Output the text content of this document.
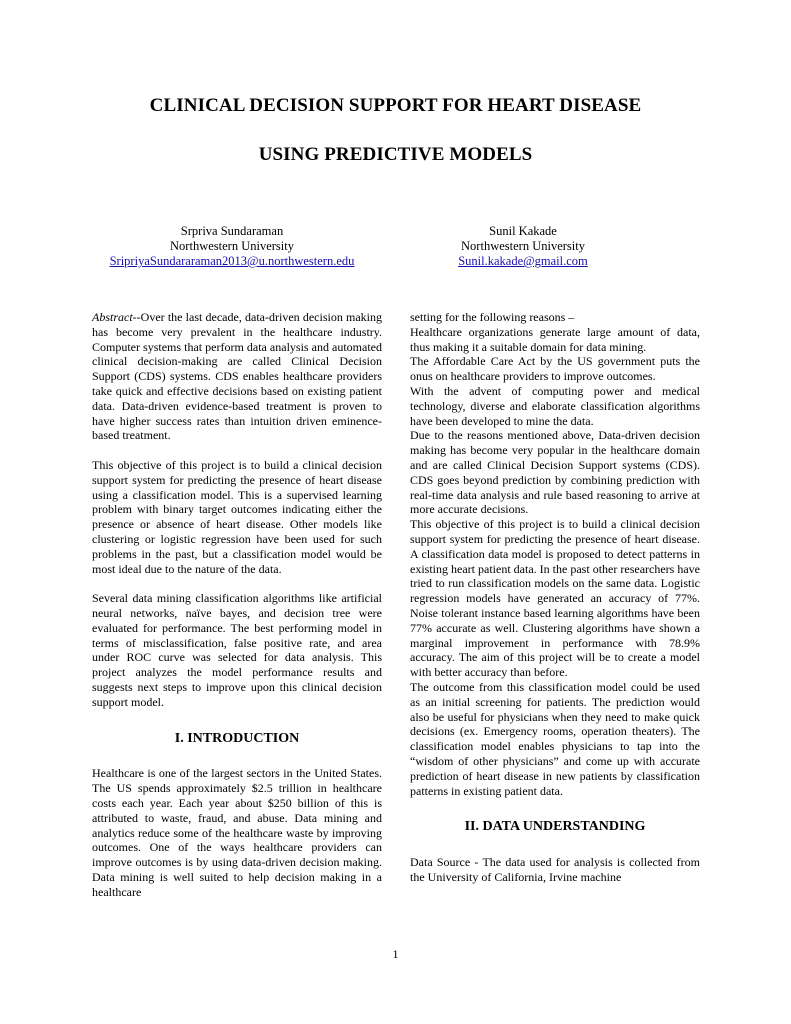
CLINICAL DECISION SUPPORT FOR HEART DISEASE
USING PREDICTIVE MODELS
Srpriva Sundaraman
Northwestern University
SripriyaSundararaman2013@u.northwestern.edu
Sunil Kakade
Northwestern University
Sunil.kakade@gmail.com

Abstract--Over the last decade, data-driven decision making has become very prevalent in the healthcare industry. Computer systems that perform data analysis and automated clinical decision-making are called Clinical Decision Support (CDS) systems. CDS enables healthcare providers take quick and effective decisions based on existing patient data. Data-driven evidence-based treatment is proven to have higher success rates than intuition driven eminence-based treatment.

This objective of this project is to build a clinical decision support system for predicting the presence of heart disease using a classification model. This is a supervised learning problem with binary target outcomes indicating either the presence or absence of heart disease. Other models like clustering or logistic regression have been used for such problems in the past, but a classification model would be most ideal due to the nature of the data.

Several data mining classification algorithms like artificial neural networks, naïve bayes, and decision tree were evaluated for performance. The best performing model in terms of misclassification, false positive rate, and area under ROC curve was selected for data analysis. This project analyzes the model performance results and suggests next steps to improve upon this clinical decision support model.

I. INTRODUCTION

Healthcare is one of the largest sectors in the United States. The US spends approximately $2.5 trillion in healthcare costs each year. Each year about $250 billion of this is attributed to waste, fraud, and abuse. Data mining and analytics reduce some of the healthcare waste by improving outcomes. One of the ways healthcare providers can improve outcomes is by using data-driven decision making. Data mining is well suited to help decision making in a healthcare

setting for the following reasons –

Healthcare organizations generate large amount of data, thus making it a suitable domain for data mining.

The Affordable Care Act by the US government puts the onus on healthcare providers to improve outcomes.

With the advent of computing power and medical technology, diverse and elaborate classification algorithms have been developed to mine the data.

Due to the reasons mentioned above, Data-driven decision making has become very popular in the healthcare domain and are called Clinical Decision Support systems (CDS). CDS goes beyond prediction by combining prediction with real-time data analysis and rule based reasoning to arrive at more accurate decisions.

This objective of this project is to build a clinical decision support system for predicting the presence of heart disease. A classification data model is proposed to detect patterns in existing heart patient data. In the past other researchers have tried to run classification models on the same data. Logistic regression models have generated an accuracy of 77%. Noise tolerant instance based learning algorithms have been 77% accurate as well. Clustering algorithms have shown a marginal improvement in performance with 78.9% accuracy. The aim of this project will be to create a model with better accuracy than before.

The outcome from this classification model could be used as an initial screening for patients. The prediction would also be useful for physicians when they need to make quick decisions (ex. Emergency rooms, operation theaters). The classification model enables physicians to tap into the “wisdom of other physicians” and come up with accurate prediction of heart disease in new patients by classification patterns in existing patient data.

II. DATA UNDERSTANDING

Data Source - The data used for analysis is collected from the University of California, Irvine machine

1
